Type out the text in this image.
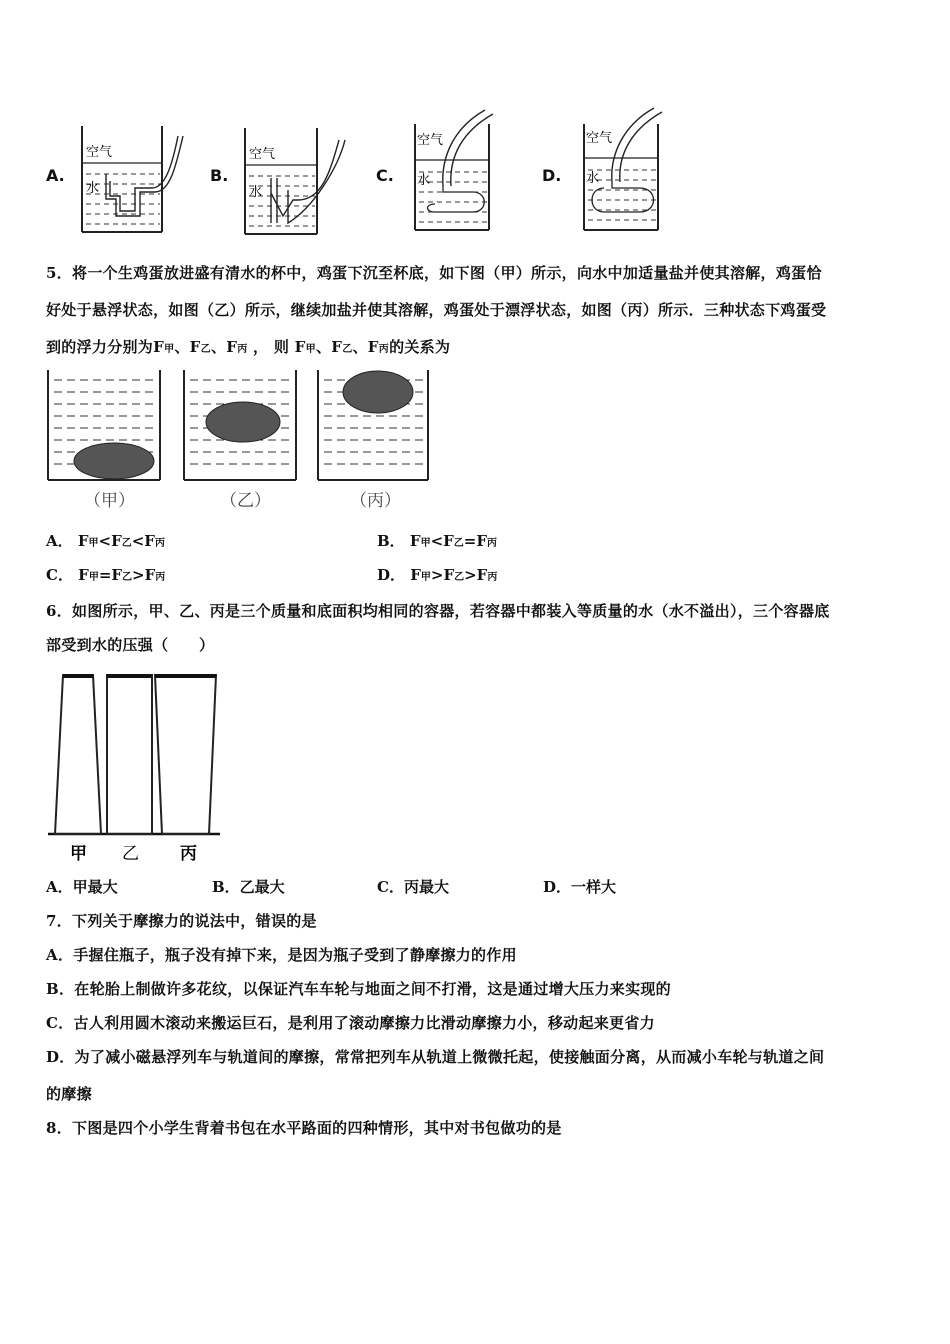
A.
空气
水
B.
空气
水
C.
空气
水	D.
空气
水
5．将一个生鸡蛋放进盛有清水的杯中，鸡蛋下沉至杯底，如下图（甲）所示，向水中加适量盐并使其溶解，鸡蛋恰
好处于悬浮状态，如图（乙）所示，继续加盐并使其溶解，鸡蛋处于漂浮状态，如图（丙）所示．三种状态下鸡蛋受
到的浮力分别为F甲、F乙、F丙 ， 则 F甲、F乙、F丙的关系为
（甲）	（乙）	（丙）
A． F甲<F乙<F丙	B． F甲<F乙=F丙
C． F甲=F乙>F丙	D． F甲>F乙>F丙
6．如图所示，甲、乙、丙是三个质量和底面积均相同的容器，若容器中都装入等质量的水（水不溢出），三个容器底
部受到水的压强（　　）
甲 乙 丙
A．甲最大	B．乙最大	C．丙最大	D．一样大
7．下列关于摩擦力的说法中，错误的是
A．手握住瓶子，瓶子没有掉下来，是因为瓶子受到了静摩擦力的作用
B．在轮胎上制做许多花纹，以保证汽车车轮与地面之间不打滑，这是通过增大压力来实现的
C．古人利用圆木滚动来搬运巨石，是利用了滚动摩擦力比滑动摩擦力小，移动起来更省力
D．为了减小磁悬浮列车与轨道间的摩擦，常常把列车从轨道上微微托起，使接触面分离，从而减小车轮与轨道之间
的摩擦
8．下图是四个小学生背着书包在水平路面的四种情形，其中对书包做功的是
